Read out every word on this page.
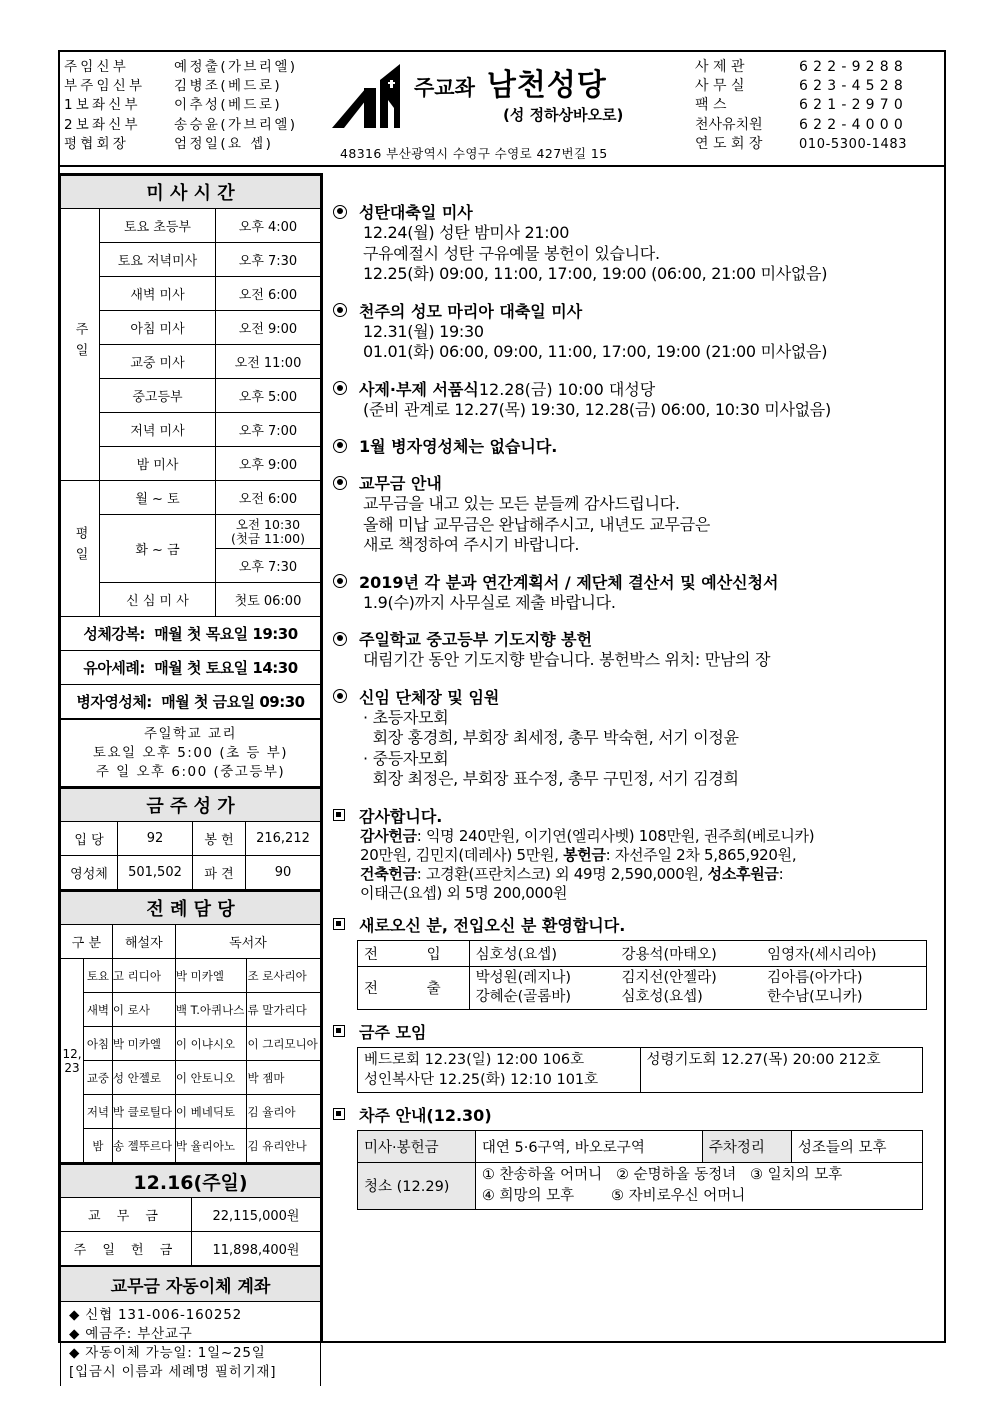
주임신부	예정출(가브리엘)
부주임신부	김병조(베드로)
1보좌신부	이추성(베드로)
2보좌신부	송승윤(가브리엘)
평협회장	엄정일(요 셉)
주교좌 남천성당
(성 정하상바오로)
48316 부산광역시 수영구 수영로 427번길 15
사 제 관	622-9288
사 무 실	623-4528
팩 스	621-2970
천사유치원	622-4000
연 도 회 장	010-5300-1483
미 사 시 간		
주일	토요 초등부	오후 4:00
	토요 저녁미사	오후 7:30
	새벽 미사	오전 6:00
	아침 미사	오전 9:00
	교중 미사	오전 11:00
	중고등부	오후 5:00
	저녁 미사	오후 7:00
	밤 미사	오후 9:00
평일	월 ~ 토	오전 6:00
	화 ~ 금	오전 10:30
(첫금 11:00)

		오후 7:30
	신 심 미 사	첫토 06:00
성체강복: 매월 첫 목요일 19:30		
유아세례: 매월 첫 토요일 14:30		
병자영성체: 매월 첫 금요일 09:30		

주일학교 교리
토요일 오후 5:00 (초 등 부)
주 일 오후 6:00 (중고등부)		
금 주 성 가			
입 당	92	봉 헌	216,212
영성체	501,502	파 견	90
전 례 담 당				
구 분		해설자	독서자	
12, 23	토요	고 리디아	박 미카엘	조 로사리아
	새벽	이 로사	백 T.아퀴나스	류 말가리다
	아침	박 미카엘	이 이냐시오	이 그리모니아
	교중	성 안젤로	이 안토니오	박 젬마
	저녁	박 클로틸다	이 베네딕토	김 율리아
	밤	송 젤뚜르다	박 율리아노	김 유리안나
12.16(주일)	
교 무 금	22,115,000원
주 일 헌 금	11,898,400원
교무금 자동이체 계좌	

◆ 신협 131-006-160252
◆ 예금주: 부산교구
◆ 자동이체 가능일: 1일~25일
[입금시 이름과 세례명 필히기재]	
성탄대축일 미사
12.24(월) 성탄 밤미사 21:00
구유예절시 성탄 구유예물 봉헌이 있습니다.
12.25(화) 09:00, 11:00, 17:00, 19:00 (06:00, 21:00 미사없음)
천주의 성모 마리아 대축일 미사
12.31(월) 19:30
01.01(화) 06:00, 09:00, 11:00, 17:00, 19:00 (21:00 미사없음)
사제·부제 서품식 12.28(금) 10:00 대성당
(준비 관계로 12.27(목) 19:30, 12.28(금) 06:00, 10:30 미사없음)
1월 병자영성체는 없습니다.
교무금 안내
교무금을 내고 있는 모든 분들께 감사드립니다.
올해 미납 교무금은 완납해주시고, 내년도 교무금은
새로 책정하여 주시기 바랍니다.
2019년 각 분과 연간계획서 / 제단체 결산서 및 예산신청서
1.9(수)까지 사무실로 제출 바랍니다.
주일학교 중고등부 기도지향 봉헌
대림기간 동안 기도지향 받습니다. 봉헌박스 위치: 만남의 장
신임 단체장 및 임원
· 초등자모회
회장 홍경희, 부회장 최세정, 총무 박숙현, 서기 이정윤
· 중등자모회
회장 최정은, 부회장 표수정, 총무 구민정, 서기 김경희
감사합니다.
감사헌금: 익명 240만원, 이기연(엘리사벳) 108만원, 권주희(베로니카)
20만원, 김민지(데레사) 5만원, 봉헌금: 자선주일 2차 5,865,920원,
건축헌금: 고경환(프란치스코) 외 49명 2,590,000원, 성소후원금:
이태근(요셉) 외 5명 200,000원
새로오신 분, 전입오신 분 환영합니다.
전 입	심호성(요셉)	강용석(마태오)	임영자(세시리아)
전 출	
박성원(레지나)
강혜순(골롬바)

김지선(안젤라)
심호성(요셉)

김아름(아가다)
한수남(모니카)
금주 모임
베드로회 12.23(일) 12:00 106호
성인복사단 12.25(화) 12:10 101호

성령기도회 12.27(목) 20:00 212호
차주 안내(12.30)
미사·봉헌금	대연 5·6구역, 바오로구역	주차정리	성조들의 모후
청소 (12.29)	① 찬송하올 어머니   ② 순명하올 동정녀   ③ 일치의 모후
④ 희망의 모후        ⑤ 자비로우신 어머니		
